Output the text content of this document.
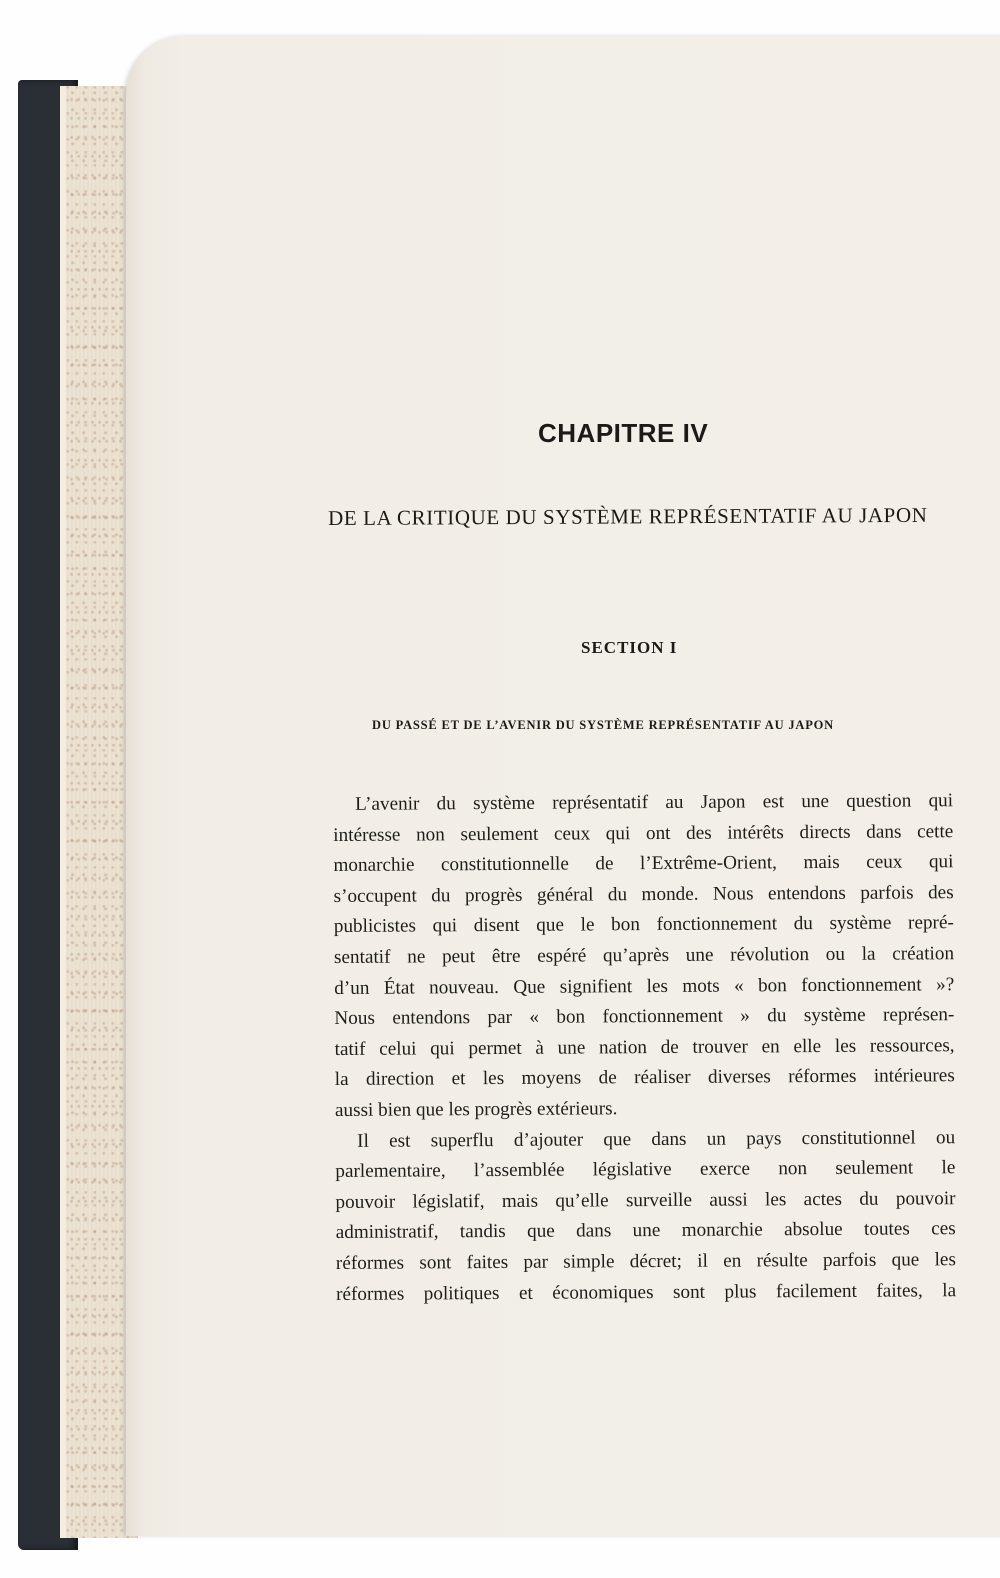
CHAPITRE IV
DE LA CRITIQUE DU SYSTÈME REPRÉSENTATIF AU JAPON
SECTION I
DU PASSÉ ET DE L’AVENIR DU SYSTÈME REPRÉSENTATIF AU JAPON
L’avenir du système représentatif au Japon est une question qui
intéresse non seulement ceux qui ont des intérêts directs dans cette
monarchie constitutionnelle de l’Extrême-Orient, mais ceux qui
s’occupent du progrès général du monde. Nous entendons parfois des
publicistes qui disent que le bon fonctionnement du système repré-
sentatif ne peut être espéré qu’après une révolution ou la création
d’un État nouveau. Que signifient les mots « bon fonctionnement »?
Nous entendons par « bon fonctionnement » du système représen-
tatif celui qui permet à une nation de trouver en elle les ressources,
la direction et les moyens de réaliser diverses réformes intérieures
aussi bien que les progrès extérieurs.
Il est superflu d’ajouter que dans un pays constitutionnel ou
parlementaire, l’assemblée législative exerce non seulement le
pouvoir législatif, mais qu’elle surveille aussi les actes du pouvoir
administratif, tandis que dans une monarchie absolue toutes ces
réformes sont faites par simple décret; il en résulte parfois que les
réformes politiques et économiques sont plus facilement faites, la
